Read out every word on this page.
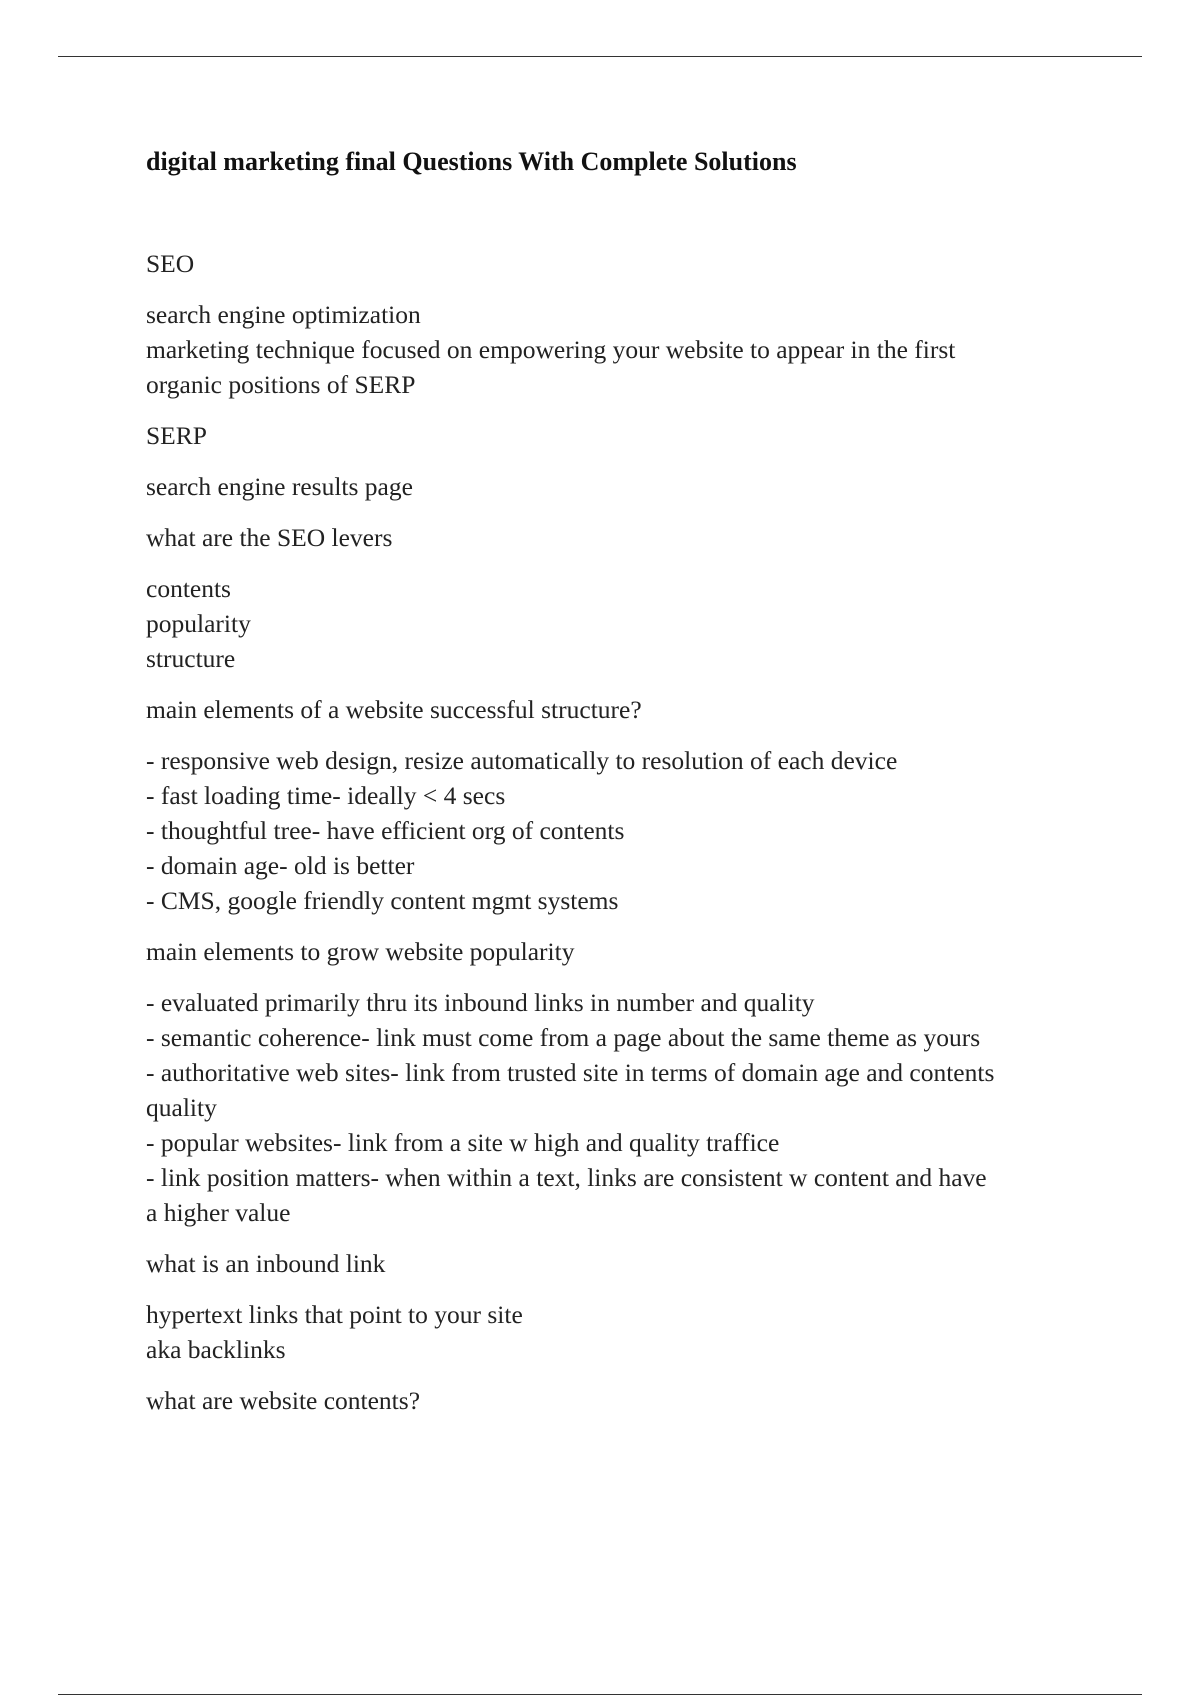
digital marketing final Questions With Complete Solutions
SEO
search engine optimization
marketing technique focused on empowering your website to appear in the first
organic positions of SERP
SERP
search engine results page
what are the SEO levers
contents
popularity
structure
main elements of a website successful structure?
- responsive web design, resize automatically to resolution of each device
- fast loading time- ideally < 4 secs
- thoughtful tree- have efficient org of contents
- domain age- old is better
- CMS, google friendly content mgmt systems
main elements to grow website popularity
- evaluated primarily thru its inbound links in number and quality
- semantic coherence- link must come from a page about the same theme as yours
- authoritative web sites- link from trusted site in terms of domain age and contents
quality
- popular websites- link from a site w high and quality traffice
- link position matters- when within a text, links are consistent w content and have
a higher value
what is an inbound link
hypertext links that point to your site
aka backlinks
what are website contents?
